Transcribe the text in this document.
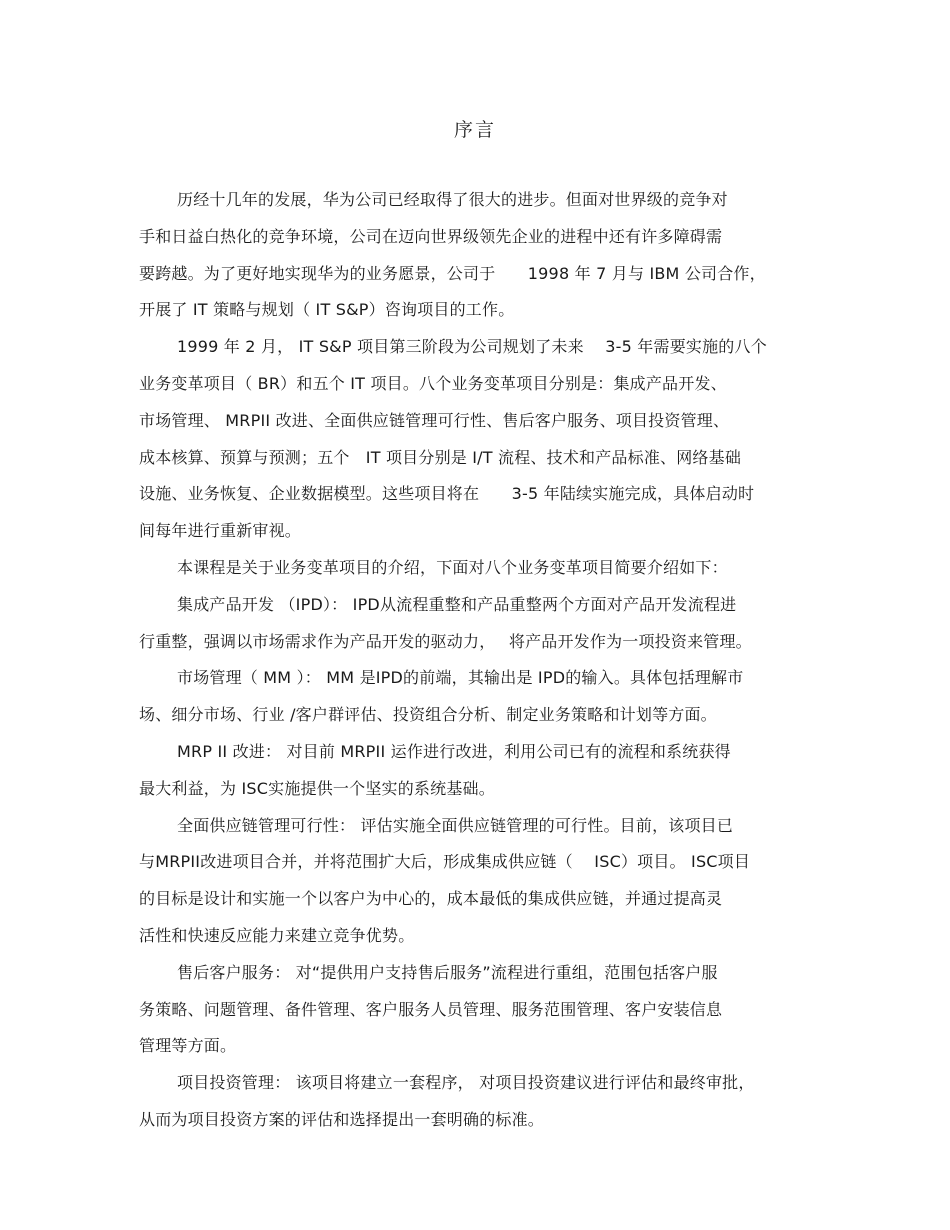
序言
历经十几年的发展，华为公司已经取得了很大的进步。但面对世界级的竞争对
手和日益白热化的竞争环境，公司在迈向世界级领先企业的进程中还有许多障碍需
要跨越。为了更好地实现华为的业务愿景，公司于　　1998 年 7 月与 IBM 公司合作，
开展了 IT 策略与规划（ IT S&P）咨询项目的工作。
1999 年 2 月， IT S&P 项目第三阶段为公司规划了未来　 3-5 年需要实施的八个
业务变革项目（ BR）和五个 IT 项目。八个业务变革项目分别是：集成产品开发、
市场管理、 MRPII 改进、全面供应链管理可行性、售后客户服务、项目投资管理、
成本核算、预算与预测；五个　IT 项目分别是 I/T 流程、技术和产品标准、网络基础
设施、业务恢复、企业数据模型。这些项目将在　　3-5 年陆续实施完成，具体启动时
间每年进行重新审视。
本课程是关于业务变革项目的介绍，下面对八个业务变革项目简要介绍如下：
集成产品开发 （IPD）： IPD从流程重整和产品重整两个方面对产品开发流程进
行重整，强调以市场需求作为产品开发的驱动力，　 将产品开发作为一项投资来管理。
市场管理（ MM ）： MM 是IPD的前端，其输出是 IPD的输入。具体包括理解市
场、细分市场、行业 /客户群评估、投资组合分析、制定业务策略和计划等方面。
MRP II 改进： 对目前 MRPII 运作进行改进，利用公司已有的流程和系统获得
最大利益，为 ISC实施提供一个坚实的系统基础。
全面供应链管理可行性： 评估实施全面供应链管理的可行性。目前，该项目已
与MRPII改进项目合并，并将范围扩大后，形成集成供应链（　 ISC）项目。 ISC项目
的目标是设计和实施一个以客户为中心的，成本最低的集成供应链，并通过提高灵
活性和快速反应能力来建立竞争优势。
售后客户服务： 对“提供用户支持售后服务”流程进行重组，范围包括客户服
务策略、问题管理、备件管理、客户服务人员管理、服务范围管理、客户安装信息
管理等方面。
项目投资管理： 该项目将建立一套程序， 对项目投资建议进行评估和最终审批，
从而为项目投资方案的评估和选择提出一套明确的标准。
